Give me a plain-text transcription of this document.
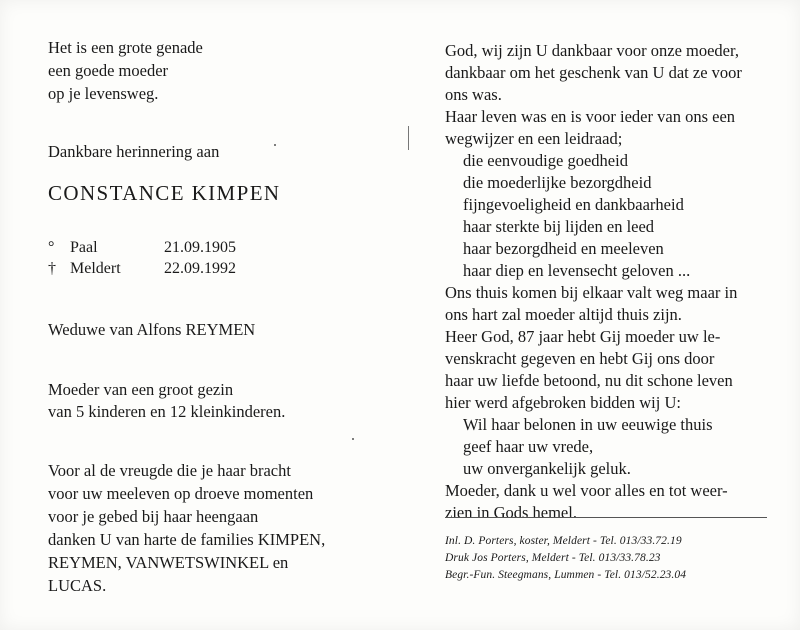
Het is een grote genade
een goede moeder
op je levensweg.
Dankbare herinnering aan
CONSTANCE KIMPEN
° Paal	21.09.1905
† Meldert	22.09.1992
Weduwe van Alfons REYMEN
Moeder van een groot gezin
van 5 kinderen en 12 kleinkinderen.
Voor al de vreugde die je haar bracht
voor uw meeleven op droeve momenten
voor je gebed bij haar heengaan
danken U van harte de families KIMPEN,
REYMEN, VANWETSWINKEL en
LUCAS.
God, wij zijn U dankbaar voor onze moeder,
dankbaar om het geschenk van U dat ze voor
ons was.
Haar leven was en is voor ieder van ons een
wegwijzer en een leidraad;
die eenvoudige goedheid
die moederlijke bezorgdheid
fijngevoeligheid en dankbaarheid
haar sterkte bij lijden en leed
haar bezorgdheid en meeleven
haar diep en levensecht geloven ...
Ons thuis komen bij elkaar valt weg maar in
ons hart zal moeder altijd thuis zijn.
Heer God, 87 jaar hebt Gij moeder uw le-
venskracht gegeven en hebt Gij ons door
haar uw liefde betoond, nu dit schone leven
hier werd afgebroken bidden wij U:
Wil haar belonen in uw eeuwige thuis
geef haar uw vrede,
uw onvergankelijk geluk.
Moeder, dank u wel voor alles en tot weer-
zien in Gods hemel.
Inl. D. Porters, koster, Meldert - Tel. 013/33.72.19
Druk Jos Porters, Meldert - Tel. 013/33.78.23
Begr.-Fun. Steegmans, Lummen - Tel. 013/52.23.04
